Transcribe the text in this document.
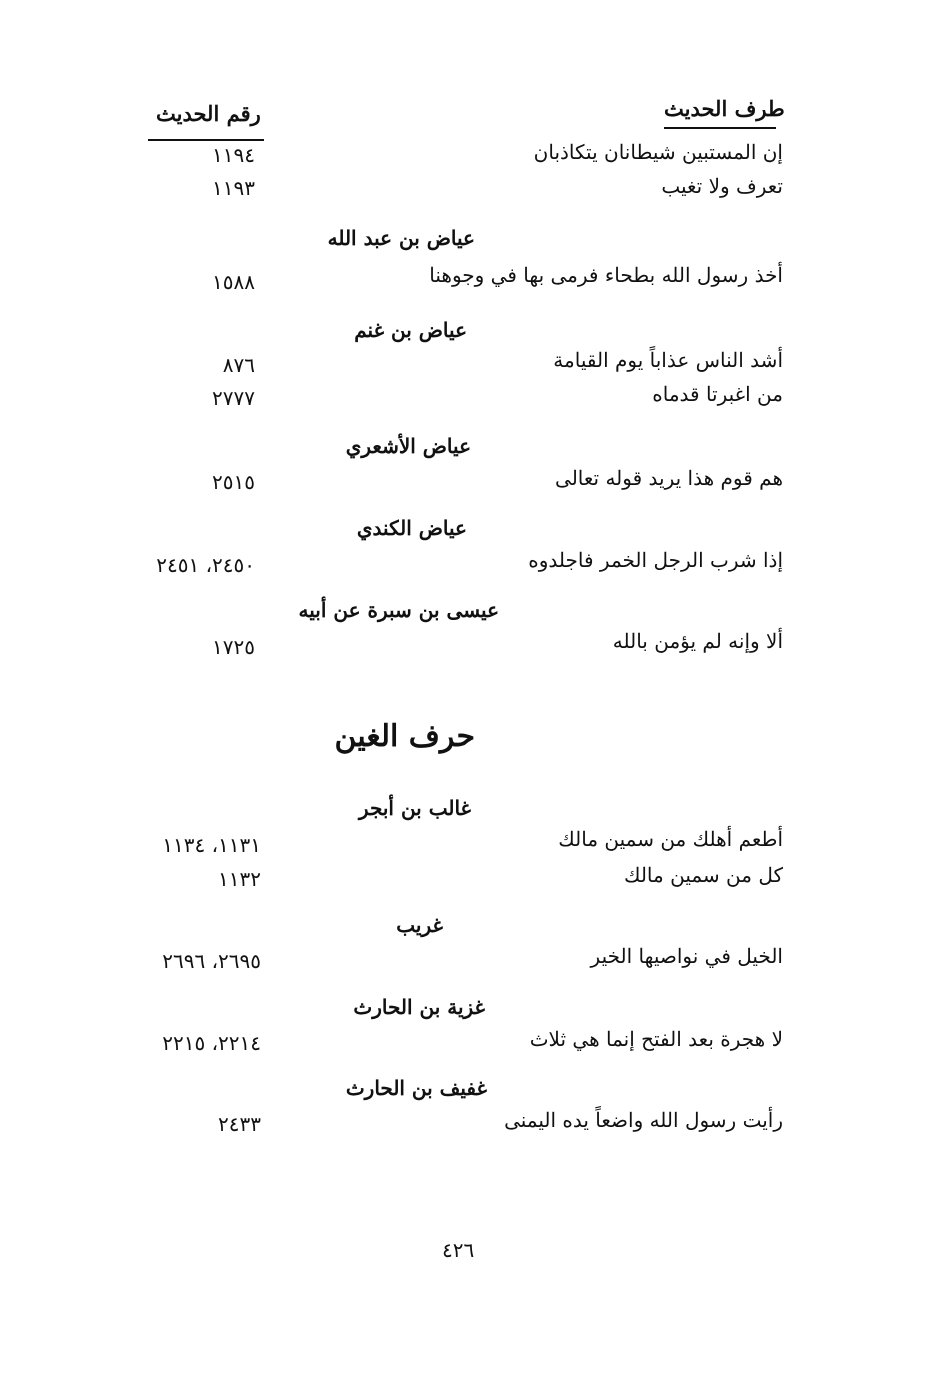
طرف الحديث
رقم الحديث
إن المستبين شيطانان يتكاذبان
١١٩٤
تعرف ولا تغيب
١١٩٣
عياض بن عبد الله
أخذ رسول الله بطحاء فرمى بها في وجوهنا
١٥٨٨
عياض بن غنم
أشد الناس عذاباً يوم القيامة
٨٧٦
من اغبرتا قدماه
٢٧٧٧
عياض الأشعري
هم قوم هذا يريد قوله تعالى
٢٥١٥
عياض الكندي
إذا شرب الرجل الخمر فاجلدوه
٢٤٥٠، ٢٤٥١
عيسى بن سبرة عن أبيه
ألا وإنه لم يؤمن بالله
١٧٢٥
حرف الغين
غالب بن أبجر
أطعم أهلك من سمين مالك
١١٣١، ١١٣٤
كل من سمين مالك
١١٣٢
غريب
الخيل في نواصيها الخير
٢٦٩٥، ٢٦٩٦
غزية بن الحارث
لا هجرة بعد الفتح إنما هي ثلاث
٢٢١٤، ٢٢١٥
غفيف بن الحارث
رأيت رسول الله واضعاً يده اليمنى
٢٤٣٣
٤٢٦
